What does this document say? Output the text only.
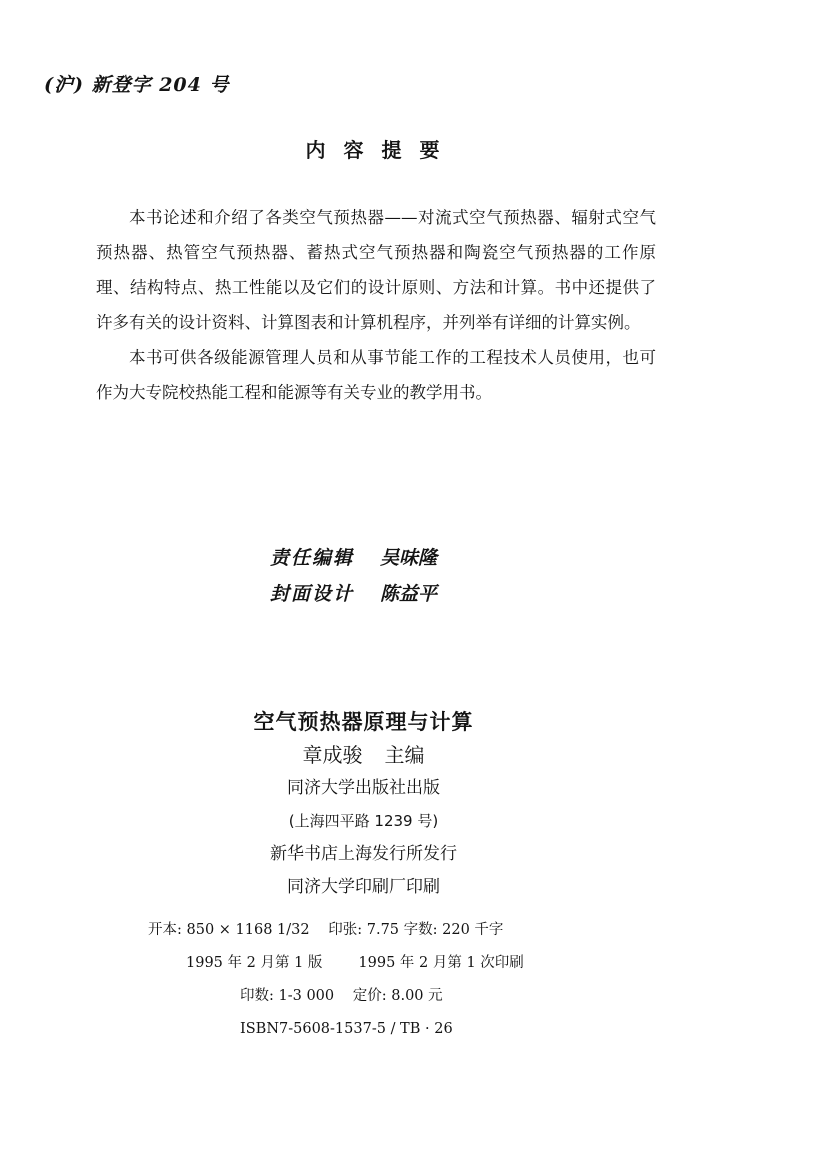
(沪) 新登字 204 号
内容提要

本书论述和介绍了各类空气预热器——对流式空气预热器、辐射式空气预热器、热管空气预热器、蓄热式空气预热器和陶瓷空气预热器的工作原理、结构特点、热工性能以及它们的设计原则、方法和计算。书中还提供了许多有关的设计资料、计算图表和计算机程序，并列举有详细的计算实例。

本书可供各级能源管理人员和从事节能工作的工程技术人员使用，也可作为大专院校热能工程和能源等有关专业的教学用书。

责任编辑 吴味隆
封面设计 陈益平
空气预热器原理与计算
章成骏 主编
同济大学出版社出版
(上海四平路 1239 号)
新华书店上海发行所发行
同济大学印刷厂印刷
开本: 850 × 1168 1/32 印张: 7.75 字数: 220 千字
1995 年 2 月第 1 版 1995 年 2 月第 1 次印刷
印数: 1-3 000 定价: 8.00 元
ISBN7-5608-1537-5 / TB · 26
